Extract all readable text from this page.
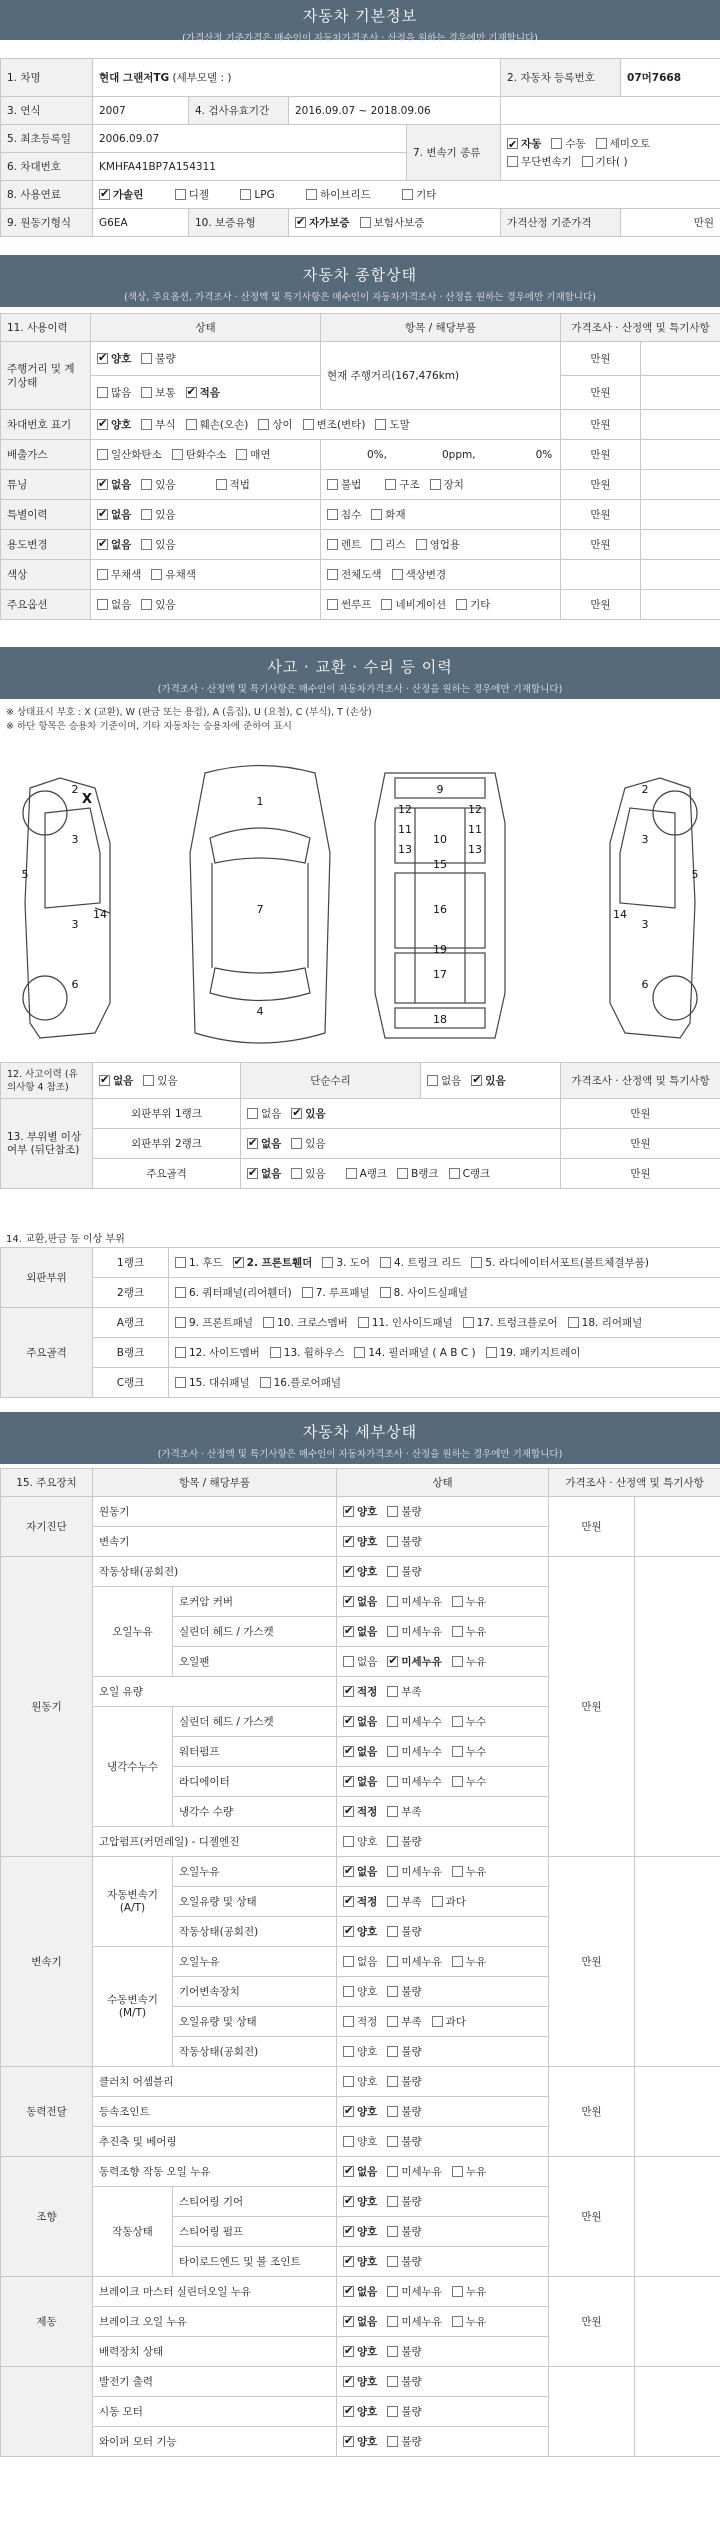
자동차 기본정보
(가격산정 기준가격은 매수인이 자동차가격조사 · 산정을 원하는 경우에만 기재합니다)
1. 차명	현대 그랜저TG (세부모델 : )				2. 자동차 등록번호	07머7668
3. 연식	2007	4. 검사유효기간	2016.09.07 ~ 2018.09.06			
5. 최초등록일	2006.09.07			7. 변속기 종류	✔자동 수동 세미오토
무단변속기 기타( )
6. 차대번호	KMHFA41BP7A154311					
8. 사용연료	✔가솔린 디젤 LPG 하이브리드 기타
9. 원동기형식	G6EA	10. 보증유형	✔자가보증 보험사보증		가격산정 기준가격	만원
자동차 종합상태
(색상, 주요옵션, 가격조사 · 산정액 및 특기사항은 매수인이 자동차가격조사 · 산정을 원하는 경우에만 기재합니다)
11. 사용이력	상태	항목 / 해당부품	가격조사 · 산정액 및 특기사항	
주행거리 및 계기상태	✔양호 불량	현재 주행거리(167,476km)	만원	
	많음 보통 ✔ 적음		만원	
차대번호 표기	✔양호 부식 훼손(오손) 상이 변조(변타) 도말		만원	
배출가스	일산화탄소 탄화수소 매연	0%, 0ppm, 0%	만원	
튜닝	✔없음 있음 적법	불법 구조 장치	만원	
특별이력	✔없음 있음	침수 화재	만원	
용도변경	✔없음 있음	렌트 리스 영업용	만원	
색상	무채색 유채색	전체도색 색상변경		
주요옵션	없음 있음	썬루프 네비게이션 기타	만원	
사고 · 교환 · 수리 등 이력
(가격조사 · 산정액 및 특기사항은 매수인이 자동차가격조사 · 산정을 원하는 경우에만 기재합니다)
※ 상태표시 부호 : X (교환), W (판금 또는 용접), A (흠집), U (요철), C (부식), T (손상)
※ 하단 항목은 승용차 기준이며, 기타 자동차는 승용차에 준하여 표시
1
7
4
2
3
3
14
6
5
2
3
3
14
6
5
9
10
11	11
13	13
12	12
16
17
18
19
15
X
12. 사고이력 (유의사항 4 참조)	✔없음 있음	단순수리	없음 ✔ 있음	가격조사 · 산정액 및 특기사항
13. 부위별 이상여부 (뒤단참조)	외판부위 1랭크	없음 ✔ 있음		만원
	외판부위 2랭크	✔없음 있음		만원
	주요골격	✔없음 있음 A랭크 B랭크 C랭크		만원
14. 교환,판금 등 이상 부위
외판부위	1랭크	1. 후드 ✔ 2. 프론트휀더 3. 도어 4. 트렁크 리드 5. 라디에이터서포트(볼트체결부품)
	2랭크	6. 쿼터패널(리어휀더) 7. 루프패널 8. 사이드실패널
주요골격	A랭크	9. 프론트패널 10. 크로스멤버 11. 인사이드패널 17. 트렁크플로어 18. 리어패널
	B랭크	12. 사이드멤버 13. 휠하우스 14. 필러패널 ( A B C ) 19. 패키지트레이
	C랭크	15. 대쉬패널 16.플로어패널
자동차 세부상태
(가격조사 · 산정액 및 특기사항은 매수인이 자동차가격조사 · 산정을 원하는 경우에만 기재합니다)
15. 주요장치	항목 / 해당부품		상태	가격조사 · 산정액 및 특기사항	
자기진단	원동기	✔양호 불량	만원	
	변속기	✔양호 불량
원동기	작동상태(공회전)	✔양호 불량	만원	
	오일누유	로커암 커버	✔없음 미세누유 누유
		실린더 헤드 / 가스켓	✔없음 미세누유 누유
		오일팬	없음 ✔ 미세누유 누유
	오일 유량	✔적정 부족
	냉각수누수	실린더 헤드 / 가스켓	✔없음 미세누수 누수
		워터펌프	✔없음 미세누수 누수
		라디에이터	✔없음 미세누수 누수
		냉각수 수량	✔적정 부족
	고압펌프(커먼레일) - 디젤엔진		양호 불량		
변속기	자동변속기 (A/T)	오일누유	✔없음 미세누유 누유	만원	
		오일유량 및 상태	✔적정 부족 과다
		작동상태(공회전)	✔양호 불량
	수동변속기 (M/T)	오일누유	없음 미세누유 누유		
		기어변속장치	양호 불량		
		오일유량 및 상태	적정 부족 과다		
		작동상태(공회전)	양호 불량		
동력전달	클러치 어셈블리		양호 불량	만원	
	등속조인트	✔양호 불량
	추진축 및 베어링		양호 불량		
조향	동력조향 작동 오일 누유	✔없음 미세누유 누유	만원	
	작동상태	스티어링 기어	✔양호 불량
		스티어링 펌프	✔양호 불량
		타이로드엔드 및 볼 조인트	✔양호 불량
제동	브레이크 마스터 실린더오일 누유	✔없음 미세누유 누유	만원	
	브레이크 오일 누유	✔없음 미세누유 누유
	배력장치 상태	✔양호 불량
	발전기 출력	✔양호 불량		
	시동 모터	✔양호 불량
	와이퍼 모터 기능	✔양호 불량
